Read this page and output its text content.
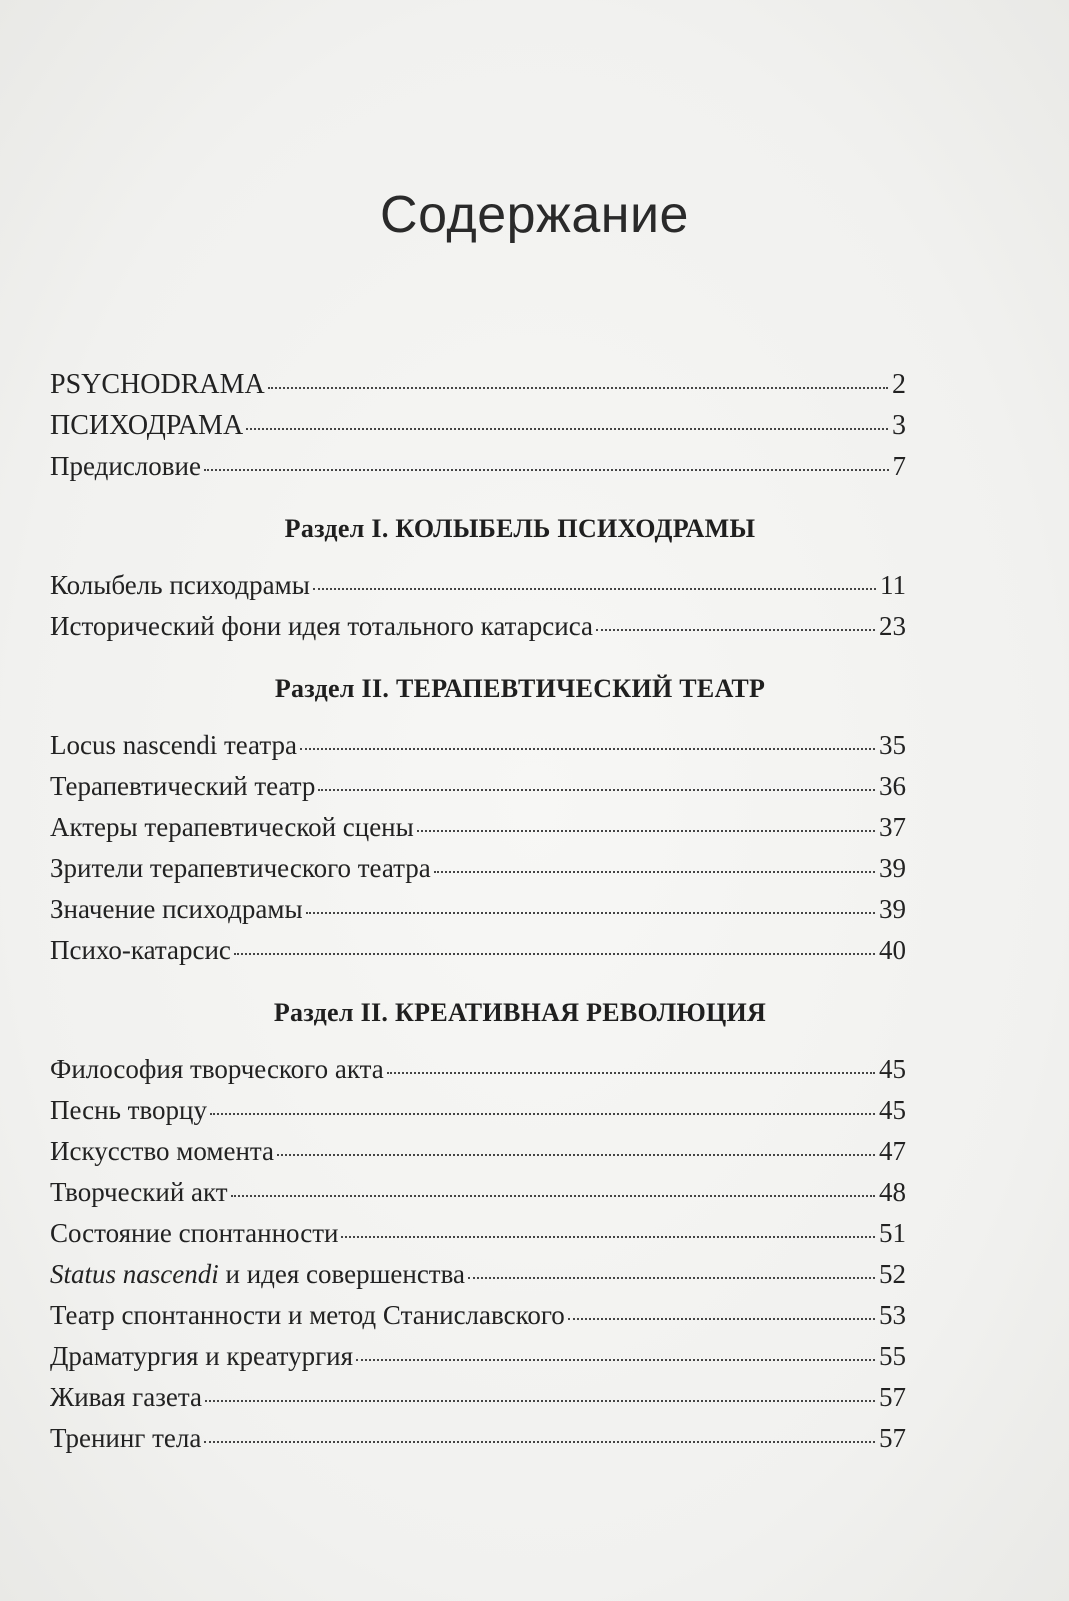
Содержание
PSYCHODRAMA	2
ПСИХОДРАМА	3
Предисловие	7
Раздел I. КОЛЫБЕЛЬ ПСИХОДРАМЫ
Колыбель психодрамы	11
Исторический фони идея тотального катарсиса	23
Раздел II. ТЕРАПЕВТИЧЕСКИЙ ТЕАТР
Locus nascendi театра	35
Терапевтический театр	36
Актеры терапевтической сцены	37
Зрители терапевтического театра	39
Значение психодрамы	39
Психо-катарсис	40
Раздел II. КРЕАТИВНАЯ РЕВОЛЮЦИЯ
Философия творческого акта	45
Песнь творцу	45
Искусство момента	47
Творческий акт	48
Состояние спонтанности	51
Status nascendi и идея совершенства	52
Театр спонтанности и метод Станиславского	53
Драматургия и креатургия	55
Живая газета	57
Тренинг тела	57
